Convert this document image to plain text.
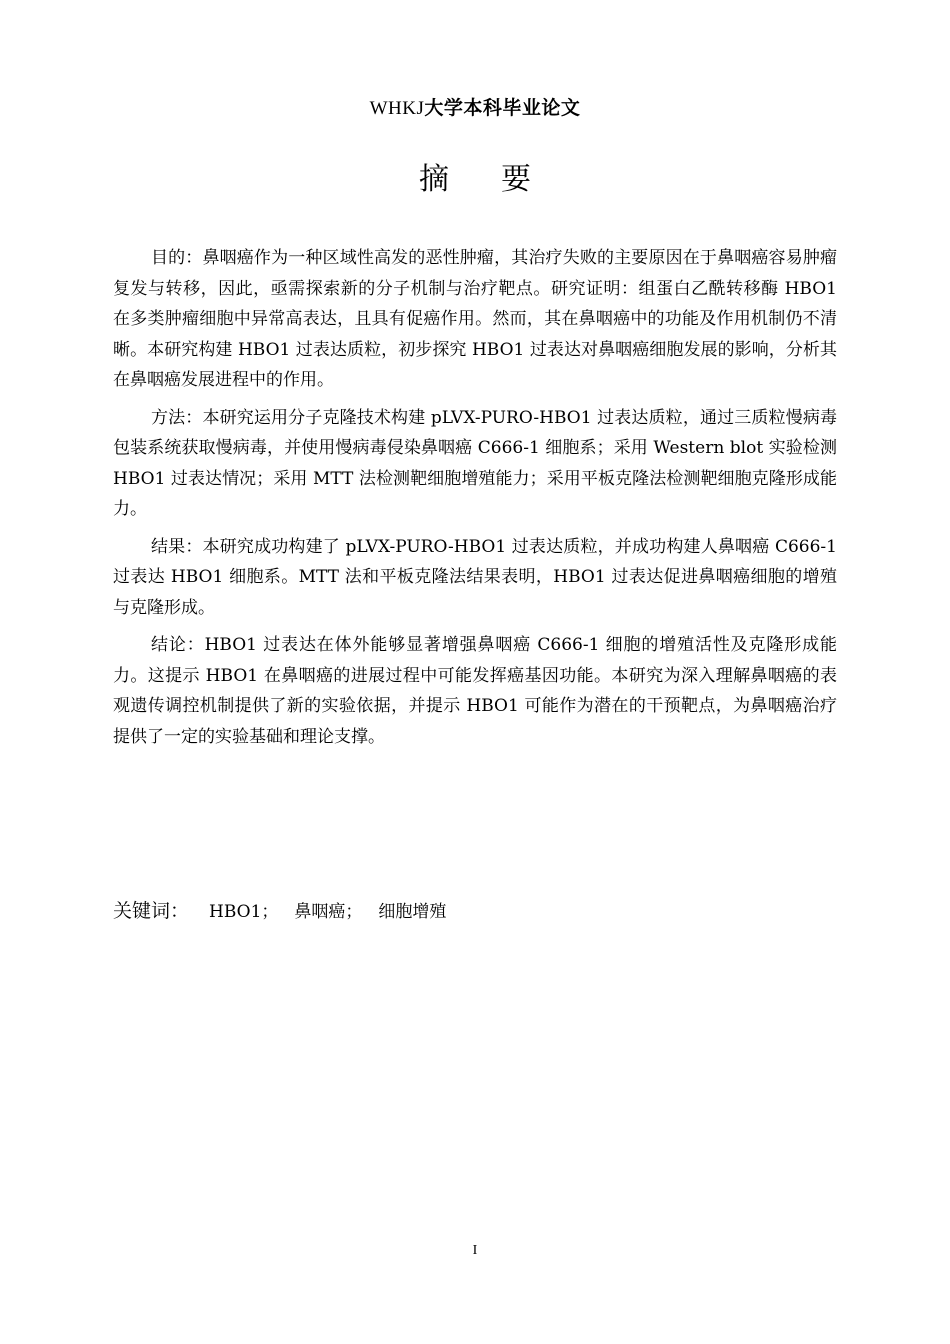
WHKJ大学本科毕业论文
摘要

目的：鼻咽癌作为一种区域性高发的恶性肿瘤，其治疗失败的主要原因在于鼻咽癌容易肿瘤复发与转移，因此，亟需探索新的分子机制与治疗靶点。研究证明：组蛋白乙酰转移酶 HBO1 在多类肿瘤细胞中异常高表达，且具有促癌作用。然而，其在鼻咽癌中的功能及作用机制仍不清晰。本研究构建 HBO1 过表达质粒，初步探究 HBO1 过表达对鼻咽癌细胞发展的影响，分析其在鼻咽癌发展进程中的作用。

方法：本研究运用分子克隆技术构建 pLVX-PURO-HBO1 过表达质粒，通过三质粒慢病毒包装系统获取慢病毒，并使用慢病毒侵染鼻咽癌 C666-1 细胞系；采用 Western blot 实验检测 HBO1 过表达情况；采用 MTT 法检测靶细胞增殖能力；采用平板克隆法检测靶细胞克隆形成能力。

结果：本研究成功构建了 pLVX-PURO-HBO1 过表达质粒，并成功构建人鼻咽癌 C666-1 过表达 HBO1 细胞系。MTT 法和平板克隆法结果表明，HBO1 过表达促进鼻咽癌细胞的增殖与克隆形成。

结论：HBO1 过表达在体外能够显著增强鼻咽癌 C666-1 细胞的增殖活性及克隆形成能力。这提示 HBO1 在鼻咽癌的进展过程中可能发挥癌基因功能。本研究为深入理解鼻咽癌的表观遗传调控机制提供了新的实验依据，并提示 HBO1 可能作为潜在的干预靶点，为鼻咽癌治疗提供了一定的实验基础和理论支撑。

关键词： HBO1； 鼻咽癌； 细胞增殖
I
